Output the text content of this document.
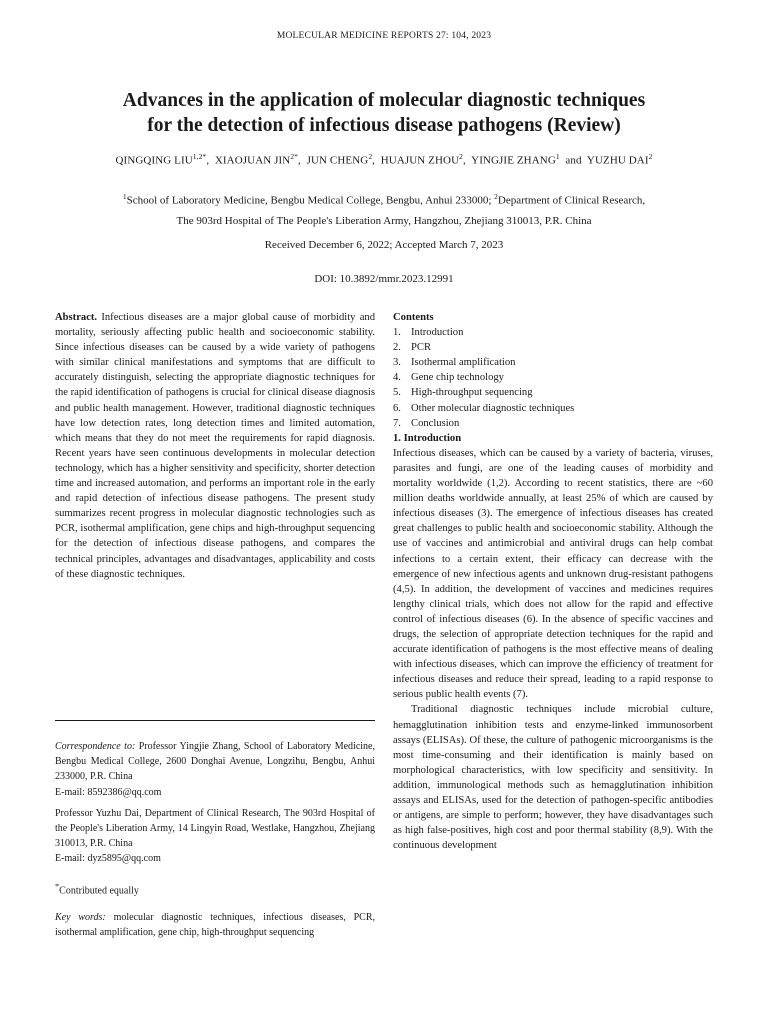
MOLECULAR MEDICINE REPORTS 27: 104, 2023
Advances in the application of molecular diagnostic techniques
for the detection of infectious disease pathogens (Review)
QINGQING $LIU^{1,2*}$,  XIAOJUAN $JIN^{2*}$,  JUN CHENG$^2$,  HUAJUN ZHOU$^2$,  YINGJIE ZHANG$^1$  and  YUZHU DAI$^2$
$^1$School of Laboratory Medicine, Bengbu Medical College, Bengbu, Anhui 233000; $^2$Department of Clinical Research,
The 903rd Hospital of The People's Liberation Army, Hangzhou, Zhejiang 310013, P.R. China
Received December 6, 2022; Accepted March 7, 2023
DOI: 10.3892/mmr.2023.12991

Abstract. Infectious diseases are a major global cause of morbidity and mortality, seriously affecting public health and socioeconomic stability. Since infectious diseases can be caused by a wide variety of pathogens with similar clinical manifestations and symptoms that are difficult to accurately distinguish, selecting the appropriate diagnostic techniques for the rapid identification of pathogens is crucial for clinical disease diagnosis and public health management. However, traditional diagnostic techniques have low detection rates, long detection times and limited automation, which means that they do not meet the requirements for rapid diagnosis. Recent years have seen continuous developments in molecular detection technology, which has a higher sensitivity and specificity, shorter detection time and increased automation, and performs an important role in the early and rapid detection of infectious disease pathogens. The present study summarizes recent progress in molecular diagnostic technologies such as PCR, isothermal amplification, gene chips and high‑throughput sequencing for the detection of infectious disease pathogens, and compares the technical principles, advantages and disadvantages, applicability and costs of these diagnostic techniques.

Correspondence to: Professor Yingjie Zhang, School of Laboratory Medicine, Bengbu Medical College, 2600 Donghai Avenue, Longzihu, Bengbu, Anhui 233000, P.R. China

E‑mail: 8592386@qq.com

Professor Yuzhu Dai, Department of Clinical Research, The 903rd Hospital of the People's Liberation Army, 14 Lingyin Road, Westlake, Hangzhou, Zhejiang 310013, P.R. China

E‑mail: dyz5895@qq.com

*Contributed equally

Key words: molecular diagnostic techniques, infectious diseases, PCR, isothermal amplification, gene chip, high‑throughput sequencing

Contents

1. Introduction
2. PCR
3. Isothermal amplification
4. Gene chip technology
5. High‑throughput sequencing
6. Other molecular diagnostic techniques
7. Conclusion

1. Introduction

Infectious diseases, which can be caused by a variety of bacteria, viruses, parasites and fungi, are one of the leading causes of morbidity and mortality worldwide (1,2). According to recent statistics, there are ~60 million deaths worldwide annually, at least 25% of which are caused by infectious diseases (3). The emergence of infectious diseases has created great challenges to public health and socioeconomic stability. Although the use of vaccines and antimicrobial and antiviral drugs can help combat infections to a certain extent, their efficacy can decrease with the emergence of new infectious agents and unknown drug‑resistant pathogens (4,5). In addition, the development of vaccines and medicines requires lengthy clinical trials, which does not allow for the rapid and effective control of infectious diseases (6). In the absence of specific vaccines and drugs, the selection of appropriate detection techniques for the rapid and accurate identification of pathogens is the most effective means of dealing with infectious diseases, which can improve the efficiency of treatment for infectious diseases and reduce their spread, leading to a rapid response to serious public health events (7).

Traditional diagnostic techniques include microbial culture, hemagglutination inhibition tests and enzyme‑linked immunosorbent assays (ELISAs). Of these, the culture of pathogenic microorganisms is the most time‑consuming and their identification is mainly based on morphological characteristics, with low specificity and sensitivity. In addition, immunological methods such as hemagglutination inhibition assays and ELISAs, used for the detection of pathogen‑specific antibodies or antigens, are simple to perform; however, they have disadvantages such as high false‑positives, high cost and poor thermal stability (8,9). With the continuous development
